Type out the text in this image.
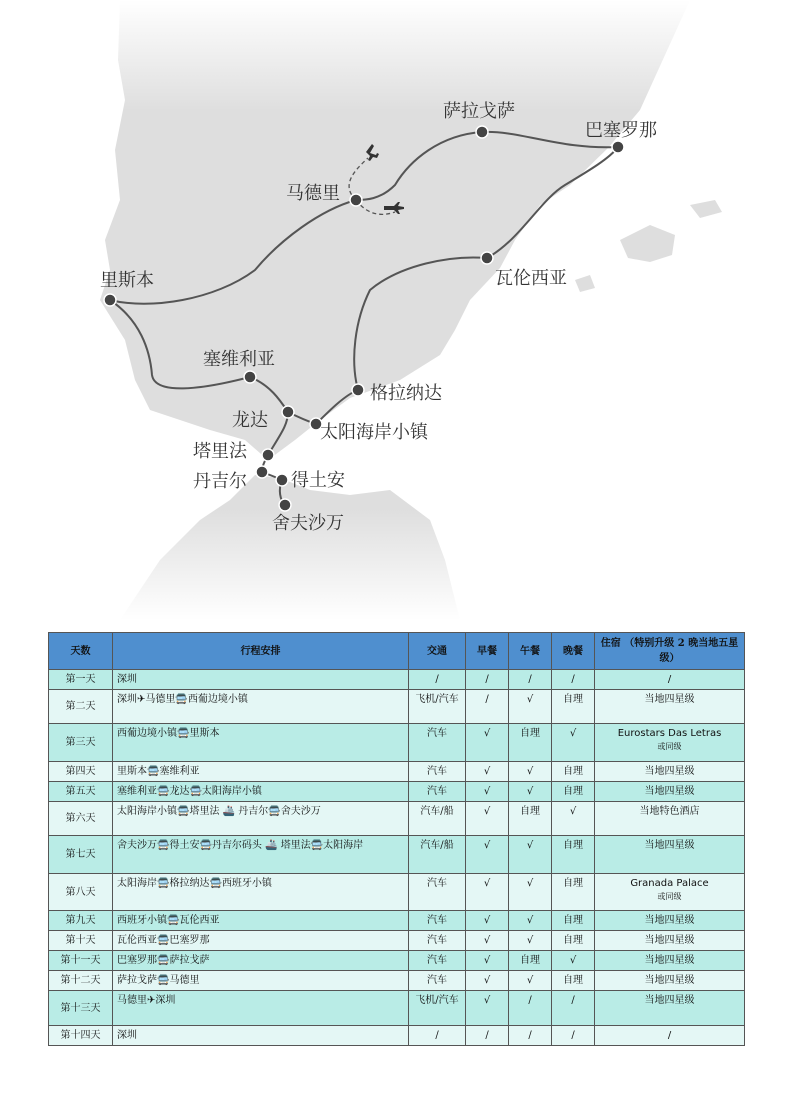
萨拉戈萨
巴塞罗那
马德里
瓦伦西亚
里斯本
塞维利亚
格拉纳达
龙达
太阳海岸小镇
塔里法
丹吉尔 得土安
舍夫沙万
天数	行程安排	交通	早餐	午餐	晚餐	住宿 （特别升级 2 晚当地五星级）
第一天	深圳	/	/	/	/	/
第二天	深圳✈马德里🚍西葡边境小镇	飞机/汽车	/	√	自理	当地四星级
第三天	西葡边境小镇🚍里斯本	汽车	√	自理	√	Eurostars Das Letras
或同级

第四天	里斯本🚍塞维利亚	汽车	√	√	自理	当地四星级
第五天	塞维利亚🚍龙达🚍太阳海岸小镇	汽车	√	√	自理	当地四星级
第六天	太阳海岸小镇🚍塔里法 🚢 丹吉尔🚍舍夫沙万	汽车/船	√	自理	√	当地特色酒店
第七天	舍夫沙万🚍得土安🚍丹吉尔码头 🚢 塔里法🚍太阳海岸	汽车/船	√	√	自理	当地四星级
第八天	太阳海岸🚍格拉纳达🚍西班牙小镇	汽车	√	√	自理	Granada Palace
或同级

第九天	西班牙小镇🚍瓦伦西亚	汽车	√	√	自理	当地四星级
第十天	瓦伦西亚🚍巴塞罗那	汽车	√	√	自理	当地四星级
第十一天	巴塞罗那🚍萨拉戈萨	汽车	√	自理	√	当地四星级
第十二天	萨拉戈萨🚍马德里	汽车	√	√	自理	当地四星级
第十三天	马德里✈深圳	飞机/汽车	√	/	/	当地四星级
第十四天	深圳	/	/	/	/	/
